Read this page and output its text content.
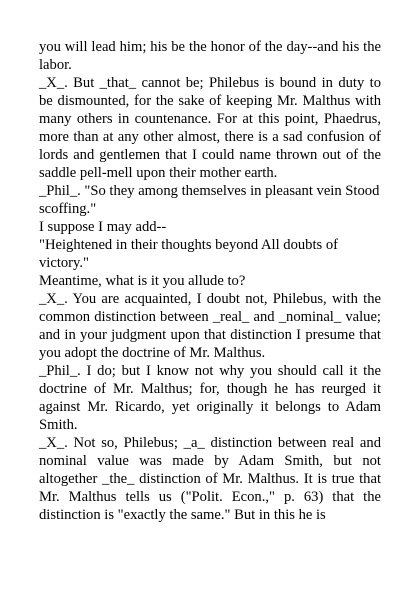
you will lead him; his be the honor of the day--and his the labor.

_X_. But _that_ cannot be; Philebus is bound in duty to be dismounted, for the sake of keeping Mr. Malthus with many others in countenance. For at this point, Phaedrus, more than at any other almost, there is a sad confusion of lords and gentlemen that I could name thrown out of the saddle pell-mell upon their mother earth.

_Phil_. "So they among themselves in pleasant vein Stood scoffing."

I suppose I may add--

"Heightened in their thoughts beyond All doubts of victory."

Meantime, what is it you allude to?

_X_. You are acquainted, I doubt not, Philebus, with the common distinction between _real_ and _nominal_ value; and in your judgment upon that distinction I presume that you adopt the doctrine of Mr. Malthus.

_Phil_. I do; but I know not why you should call it the doctrine of Mr. Malthus; for, though he has reurged it against Mr. Ricardo, yet originally it belongs to Adam Smith.

_X_. Not so, Philebus; _a_ distinction between real and nominal value was made by Adam Smith, but not altogether _the_ distinction of Mr. Malthus. It is true that Mr. Malthus tells us ("Polit. Econ.," p. 63) that the distinction is "exactly the same." But in this he is
